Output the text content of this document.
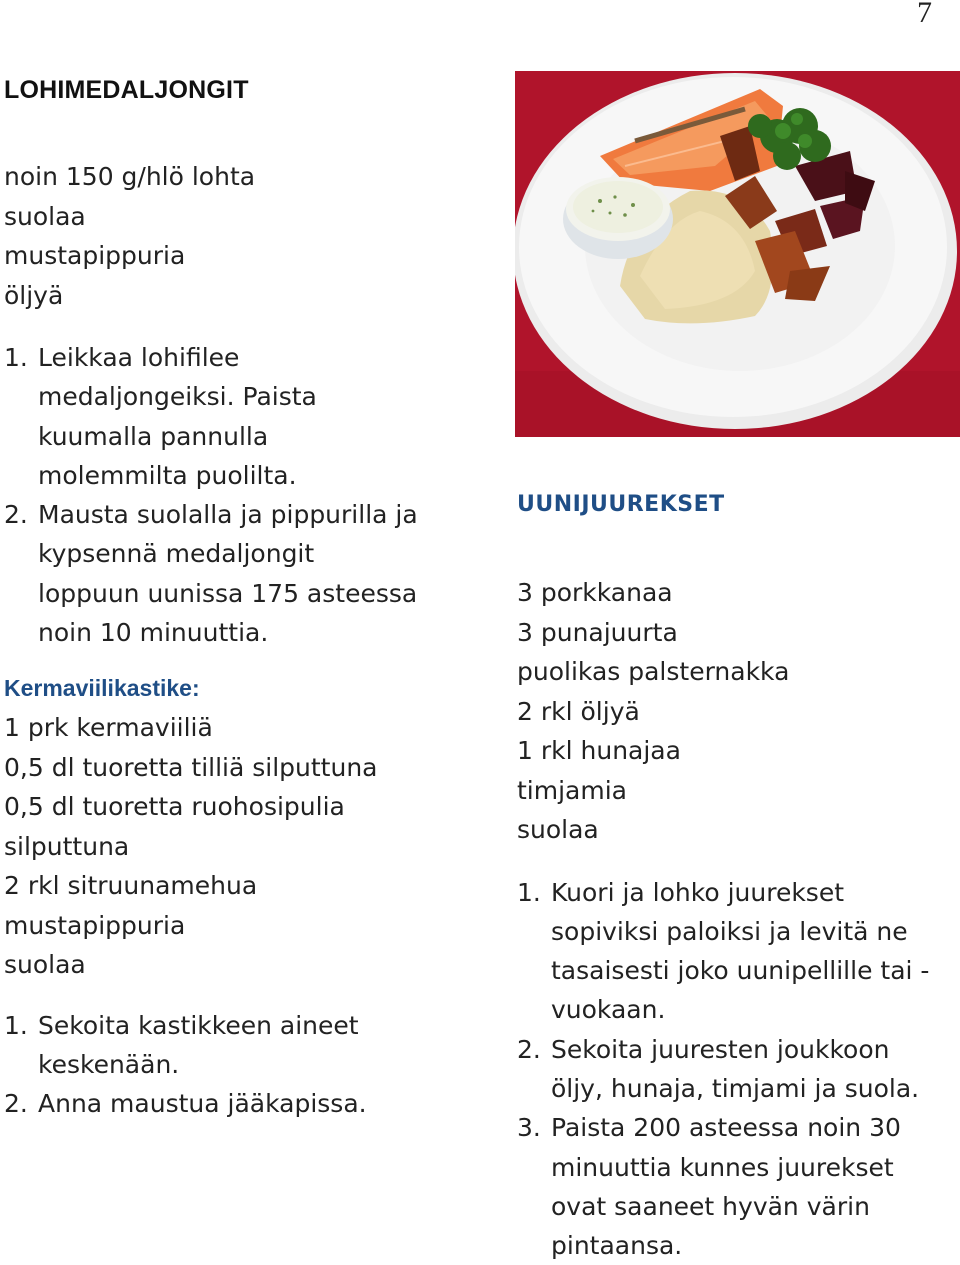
7
LOHIMEDALJONGIT
noin 150 g/hlö lohta
suolaa
mustapippuria
öljyä
1. Leikkaa lohifilee
medaljongeiksi. Paista
kuumalla pannulla
molemmilta puolilta.
2. Mausta suolalla ja pippurilla ja
kypsennä medaljongit
loppuun uunissa 175 asteessa
noin 10 minuuttia.
Kermaviilikastike:
1 prk kermaviiliä
0,5 dl tuoretta tilliä silputtuna
0,5 dl tuoretta ruohosipulia
silputtuna
2 rkl sitruunamehua
mustapippuria
suolaa
1. Sekoita kastikkeen aineet
keskenään.
2. Anna maustua jääkapissa.
UUNIJUUREKSET
3 porkkanaa
3 punajuurta
puolikas palsternakka
2 rkl öljyä
1 rkl hunajaa
timjamia
suolaa
1. Kuori ja lohko juurekset
sopiviksi paloiksi ja levitä ne
tasaisesti joko uunipellille tai -
vuokaan.
2. Sekoita juuresten joukkoon
öljy, hunaja, timjami ja suola.
3. Paista 200 asteessa noin 30
minuuttia kunnes juurekset
ovat saaneet hyvän värin
pintaansa.
